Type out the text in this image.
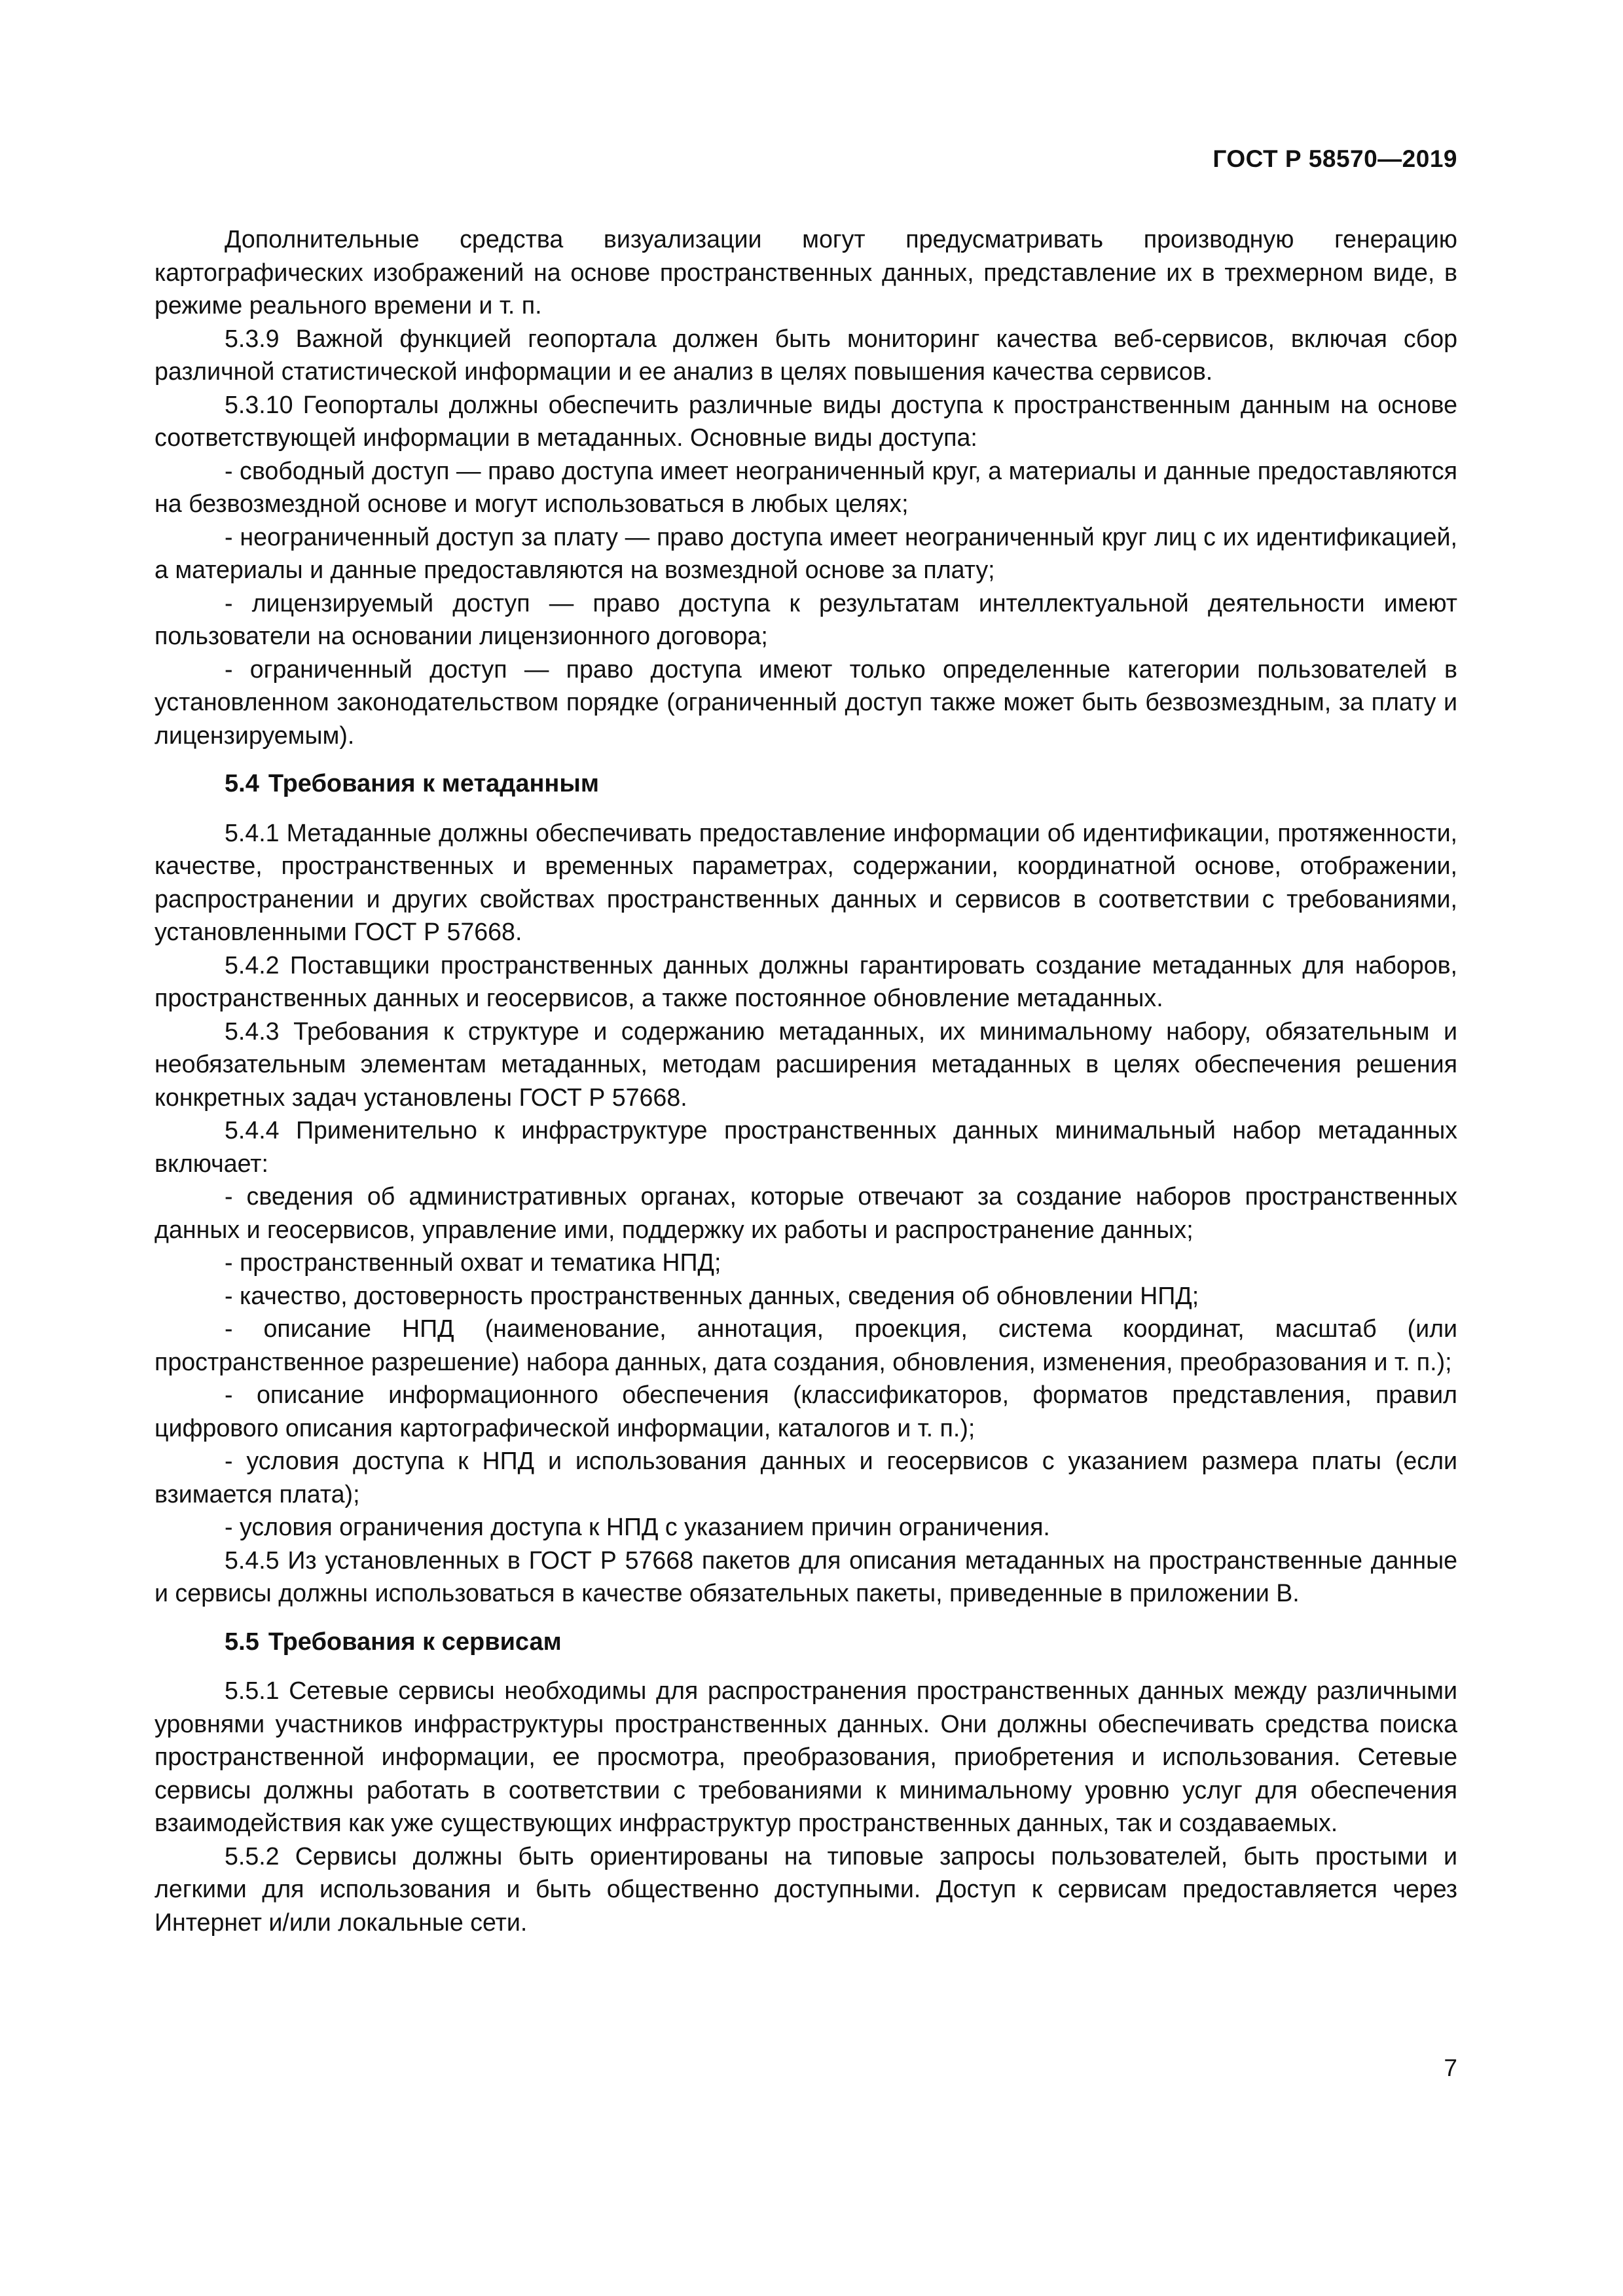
ГОСТ Р 58570—2019

Дополнительные средства визуализации могут предусматривать производную генерацию картографических изображений на основе пространственных данных, представление их в трехмерном виде, в режиме реального времени и т. п.

5.3.9 Важной функцией геопортала должен быть мониторинг качества веб-сервисов, включая сбор различной статистической информации и ее анализ в целях повышения качества сервисов.

5.3.10 Геопорталы должны обеспечить различные виды доступа к пространственным данным на основе соответствующей информации в метаданных. Основные виды доступа:

- свободный доступ — право доступа имеет неограниченный круг, а материалы и данные предоставляются на безвозмездной основе и могут использоваться в любых целях;

- неограниченный доступ за плату — право доступа имеет неограниченный круг лиц с их идентификацией, а материалы и данные предоставляются на возмездной основе за плату;

- лицензируемый доступ — право доступа к результатам интеллектуальной деятельности имеют пользователи на основании лицензионного договора;

- ограниченный доступ — право доступа имеют только определенные категории пользователей в установленном законодательством порядке (ограниченный доступ также может быть безвозмездным, за плату и лицензируемым).

5.4 Требования к метаданным

5.4.1 Метаданные должны обеспечивать предоставление информации об идентификации, протяженности, качестве, пространственных и временных параметрах, содержании, координатной основе, отображении, распространении и других свойствах пространственных данных и сервисов в соответствии с требованиями, установленными ГОСТ Р 57668.

5.4.2 Поставщики пространственных данных должны гарантировать создание метаданных для наборов, пространственных данных и геосервисов, а также постоянное обновление метаданных.

5.4.3 Требования к структуре и содержанию метаданных, их минимальному набору, обязательным и необязательным элементам метаданных, методам расширения метаданных в целях обеспечения решения конкретных задач установлены ГОСТ Р 57668.

5.4.4 Применительно к инфраструктуре пространственных данных минимальный набор метаданных включает:

- сведения об административных органах, которые отвечают за создание наборов пространственных данных и геосервисов, управление ими, поддержку их работы и распространение данных;

- пространственный охват и тематика НПД;

- качество, достоверность пространственных данных, сведения об обновлении НПД;

- описание НПД (наименование, аннотация, проекция, система координат, масштаб (или пространственное разрешение) набора данных, дата создания, обновления, изменения, преобразования и т. п.);

- описание информационного обеспечения (классификаторов, форматов представления, правил цифрового описания картографической информации, каталогов и т. п.);

- условия доступа к НПД и использования данных и геосервисов с указанием размера платы (если взимается плата);

- условия ограничения доступа к НПД с указанием причин ограничения.

5.4.5 Из установленных в ГОСТ Р 57668 пакетов для описания метаданных на пространственные данные и сервисы должны использоваться в качестве обязательных пакеты, приведенные в приложении В.

5.5 Требования к сервисам

5.5.1 Сетевые сервисы необходимы для распространения пространственных данных между различными уровнями участников инфраструктуры пространственных данных. Они должны обеспечивать средства поиска пространственной информации, ее просмотра, преобразования, приобретения и использования. Сетевые сервисы должны работать в соответствии с требованиями к минимальному уровню услуг для обеспечения взаимодействия как уже существующих инфраструктур пространственных данных, так и создаваемых.

5.5.2 Сервисы должны быть ориентированы на типовые запросы пользователей, быть простыми и легкими для использования и быть общественно доступными. Доступ к сервисам предоставляется через Интернет и/или локальные сети.

7
